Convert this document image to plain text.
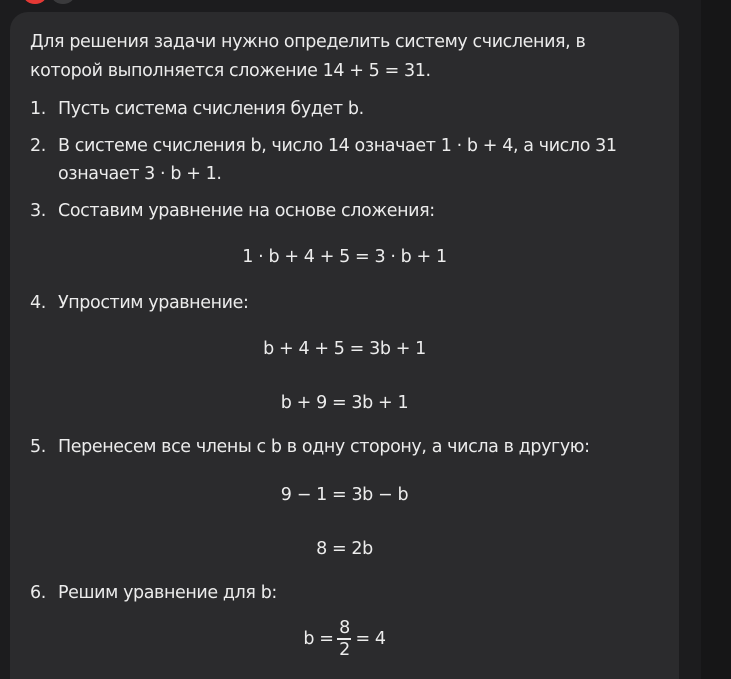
Для решения задачи нужно определить систему счисления, в которой выполняется сложение 14 + 5 = 31.

1. Пусть система счисления будет b.
2. В системе счисления b, число 14 означает 1 · b + 4, а число 31 означает 3 · b + 1.
3. Составим уравнение на основе сложения:
1 · b + 4 + 5 = 3 · b + 1
4. Упростим уравнение:
b + 4 + 5 = 3b + 1
b + 9 = 3b + 1
5. Перенесем все члены с b в одну сторону, а числа в другую:
9 − 1 = 3b − b
8 = 2b
6. Решим уравнение для b:
$b = \frac{8}{2} = 4$
